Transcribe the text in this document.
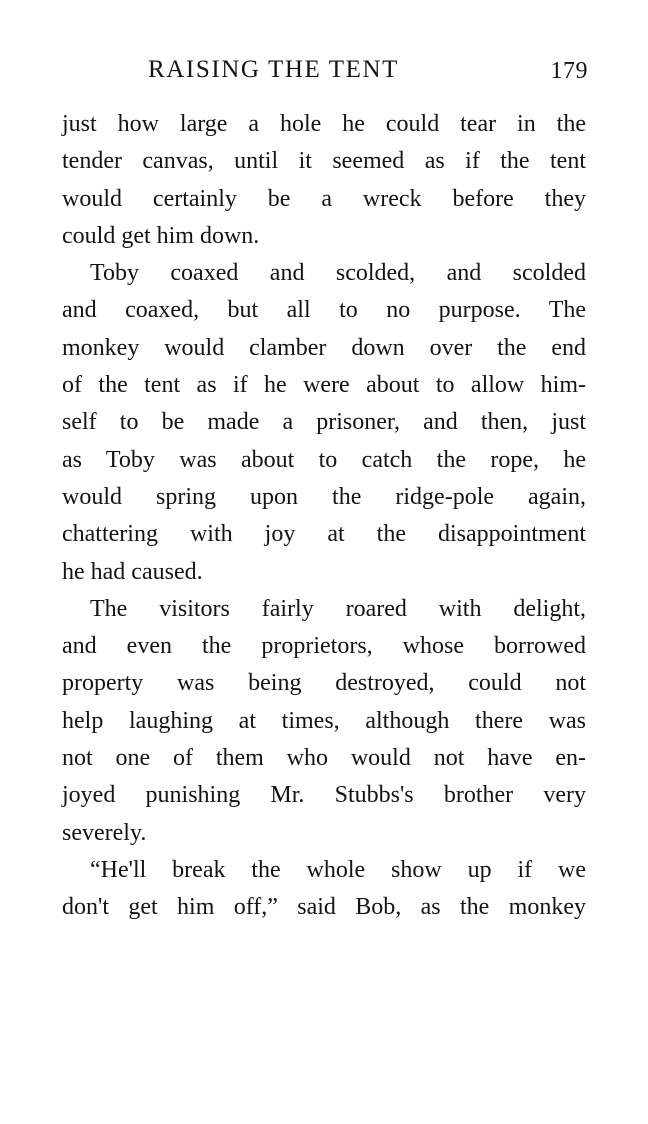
RAISING THE TENT	179
just how large a hole he could tear in the
tender canvas, until it seemed as if the tent
would certainly be a wreck before they
could get him down.
Toby coaxed and scolded, and scolded
and coaxed, but all to no purpose. The
monkey would clamber down over the end
of the tent as if he were about to allow him-
self to be made a prisoner, and then, just
as Toby was about to catch the rope, he
would spring upon the ridge-pole again,
chattering with joy at the disappointment
he had caused.
The visitors fairly roared with delight,
and even the proprietors, whose borrowed
property was being destroyed, could not
help laughing at times, although there was
not one of them who would not have en-
joyed punishing Mr. Stubbs's brother very
severely.
“He'll break the whole show up if we
don't get him off,” said Bob, as the monkey
